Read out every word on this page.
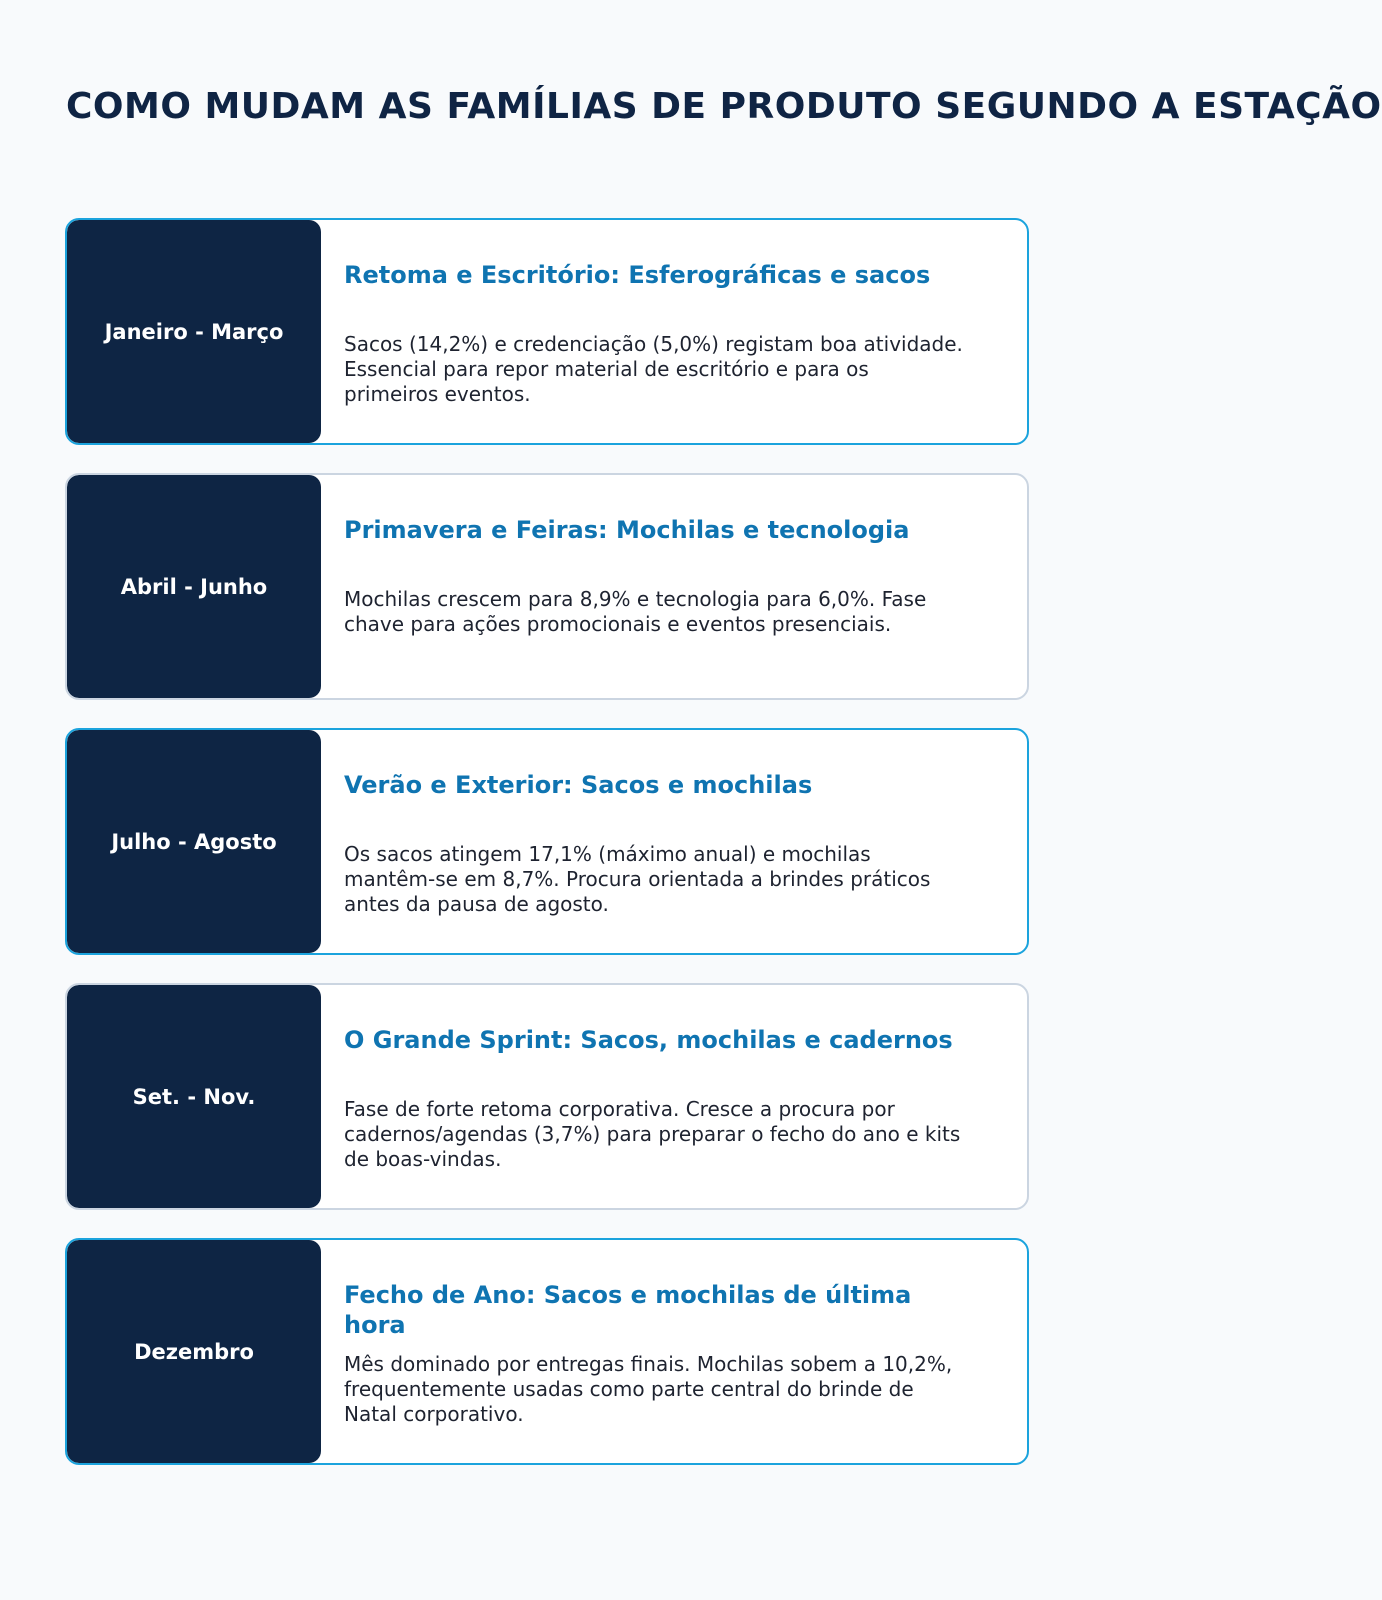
COMO MUDAM AS FAMÍLIAS DE PRODUTO SEGUNDO A ESTAÇÃO
Janeiro - Março
Retoma e Escritório: Esferográficas e sacos

Sacos (14,2%) e credenciação (5,0%) registam boa atividade. Essencial para repor material de escritório e para os primeiros eventos.

Abril - Junho
Primavera e Feiras: Mochilas e tecnologia

Mochilas crescem para 8,9% e tecnologia para 6,0%. Fase chave para ações promocionais e eventos presenciais.

Julho - Agosto
Verão e Exterior: Sacos e mochilas

Os sacos atingem 17,1% (máximo anual) e mochilas mantêm-se em 8,7%. Procura orientada a brindes práticos antes da pausa de agosto.

Set. - Nov.
O Grande Sprint: Sacos, mochilas e cadernos

Fase de forte retoma corporativa. Cresce a procura por cadernos/agendas (3,7%) para preparar o fecho do ano e kits de boas-vindas.

Dezembro
Fecho de Ano: Sacos e mochilas de última hora

Mês dominado por entregas finais. Mochilas sobem a 10,2%, frequentemente usadas como parte central do brinde de Natal corporativo.
